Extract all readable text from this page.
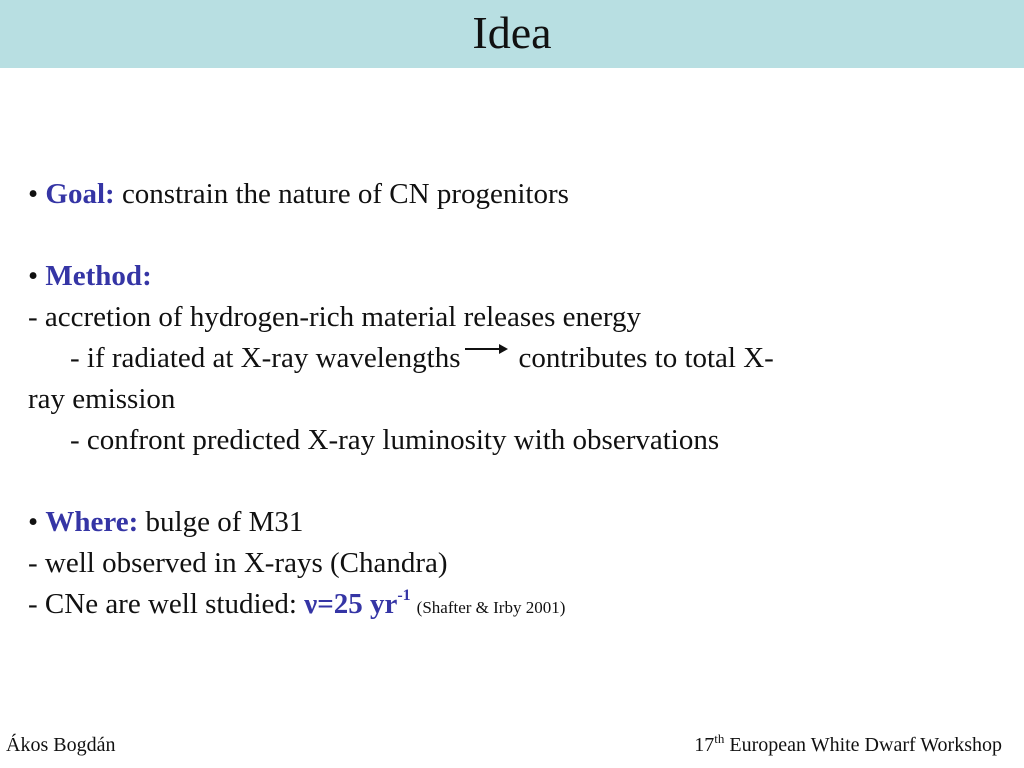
Idea
• Goal: constrain the nature of CN progenitors
• Method:
- accretion of hydrogen-rich material releases energy
- if radiated at X-ray wavelengths contributes to total X-
ray emission
- confront predicted X-ray luminosity with observations
• Where: bulge of M31
- well observed in X-rays (Chandra)
- CNe are well studied: ν=25 $yr^{-1}(Shafter$ & Irby 2001)
Ákos Bogdán	17th European White Dwarf Workshop
